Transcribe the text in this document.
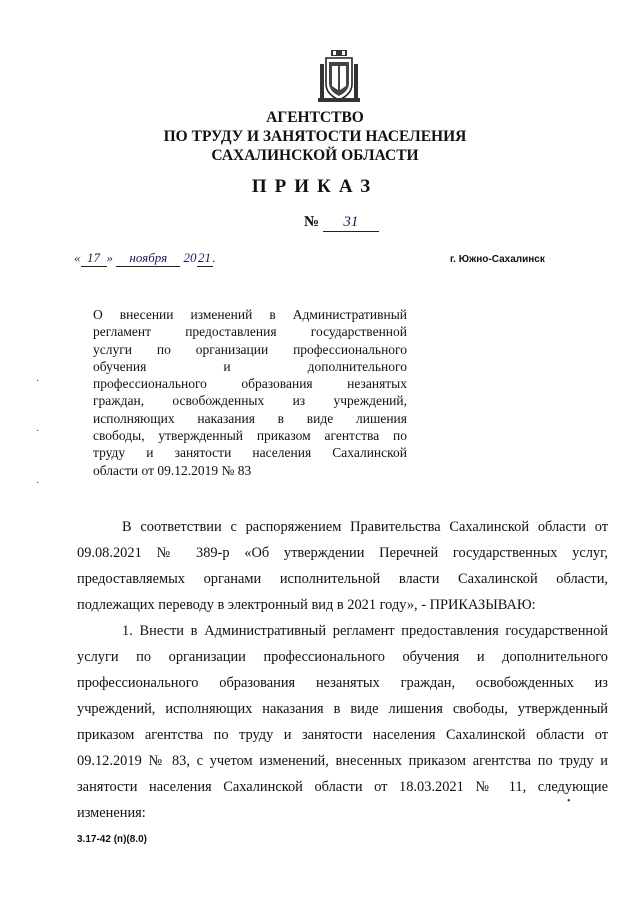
АГЕНТСТВО
ПО ТРУДУ И ЗАНЯТОСТИ НАСЕЛЕНИЯ
САХАЛИНСКОЙ ОБЛАСТИ
ПРИКАЗ
№ 31
« 17 » ноября 20 21 .	г. Южно-Сахалинск
О внесении изменений в Административный
регламент предоставления государственной
услуги по организации профессионального
обучения и дополнительного
профессионального образования незанятых
граждан, освобожденных из учреждений,
исполняющих наказания в виде лишения
свободы, утвержденный приказом агентства по
труду и занятости населения Сахалинской
области от 09.12.2019 № 83
В соответствии с распоряжением Правительства Сахалинской области от
09.08.2021 № 389-р «Об утверждении Перечней государственных услуг,
предоставляемых органами исполнительной власти Сахалинской области,
подлежащих переводу в электронный вид в 2021 году», - ПРИКАЗЫВАЮ:
1. Внести в Административный регламент предоставления государственной
услуги по организации профессионального обучения и дополнительного
профессионального образования незанятых граждан, освобожденных из
учреждений, исполняющих наказания в виде лишения свободы, утвержденный
приказом агентства по труду и занятости населения Сахалинской области от
09.12.2019 № 83, с учетом изменений, внесенных приказом агентства по труду и
занятости населения Сахалинской области от 18.03.2021 № 11, следующие
изменения:
3.17-42 (п)(8.0)
·
·
·
•
